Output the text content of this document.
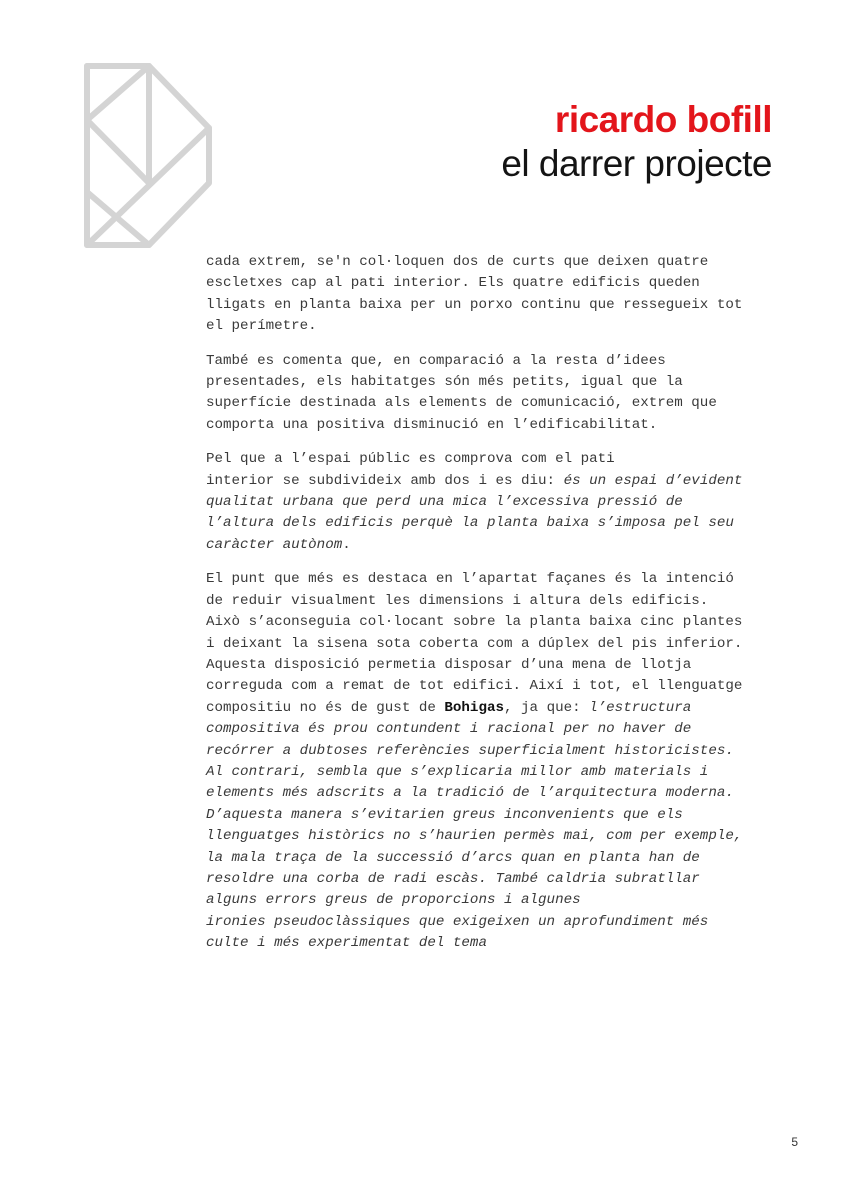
ricardo bofill
el darrer projecte

cada extrem, se'n col·loquen dos de curts que deixen quatre
escletxes cap al pati interior. Els quatre edificis queden
lligats en planta baixa per un porxo continu que ressegueix tot
el perímetre.

També es comenta que, en comparació a la resta d’idees
presentades, els habitatges són més petits, igual que la
superfície destinada als elements de comunicació, extrem que
comporta una positiva disminució en l’edificabilitat.

Pel que a l’espai públic es comprova com el pati
interior se subdivideix amb dos i es diu: és un espai d’evident
qualitat urbana que perd una mica l’excessiva pressió de
l’altura dels edificis perquè la planta baixa s’imposa pel seu
caràcter autònom.

El punt que més es destaca en l’apartat façanes és la intenció
de reduir visualment les dimensions i altura dels edificis.
Això s’aconseguia col·locant sobre la planta baixa cinc plantes
i deixant la sisena sota coberta com a dúplex del pis inferior.
Aquesta disposició permetia disposar d’una mena de llotja
correguda com a remat de tot edifici. Així i tot, el llenguatge
compositiu no és de gust de Bohigas, ja que: l’estructura
compositiva és prou contundent i racional per no haver de
recórrer a dubtoses referències superficialment historicistes.
Al contrari, sembla que s’explicaria millor amb materials i
elements més adscrits a la tradició de l’arquitectura moderna.
D’aquesta manera s’evitarien greus inconvenients que els
llenguatges històrics no s’haurien permès mai, com per exemple,
la mala traça de la successió d’arcs quan en planta han de
resoldre una corba de radi escàs. També caldria subratllar
alguns errors greus de proporcions i algunes
ironies pseudoclàssiques que exigeixen un aprofundiment més
culte i més experimentat del tema

5
